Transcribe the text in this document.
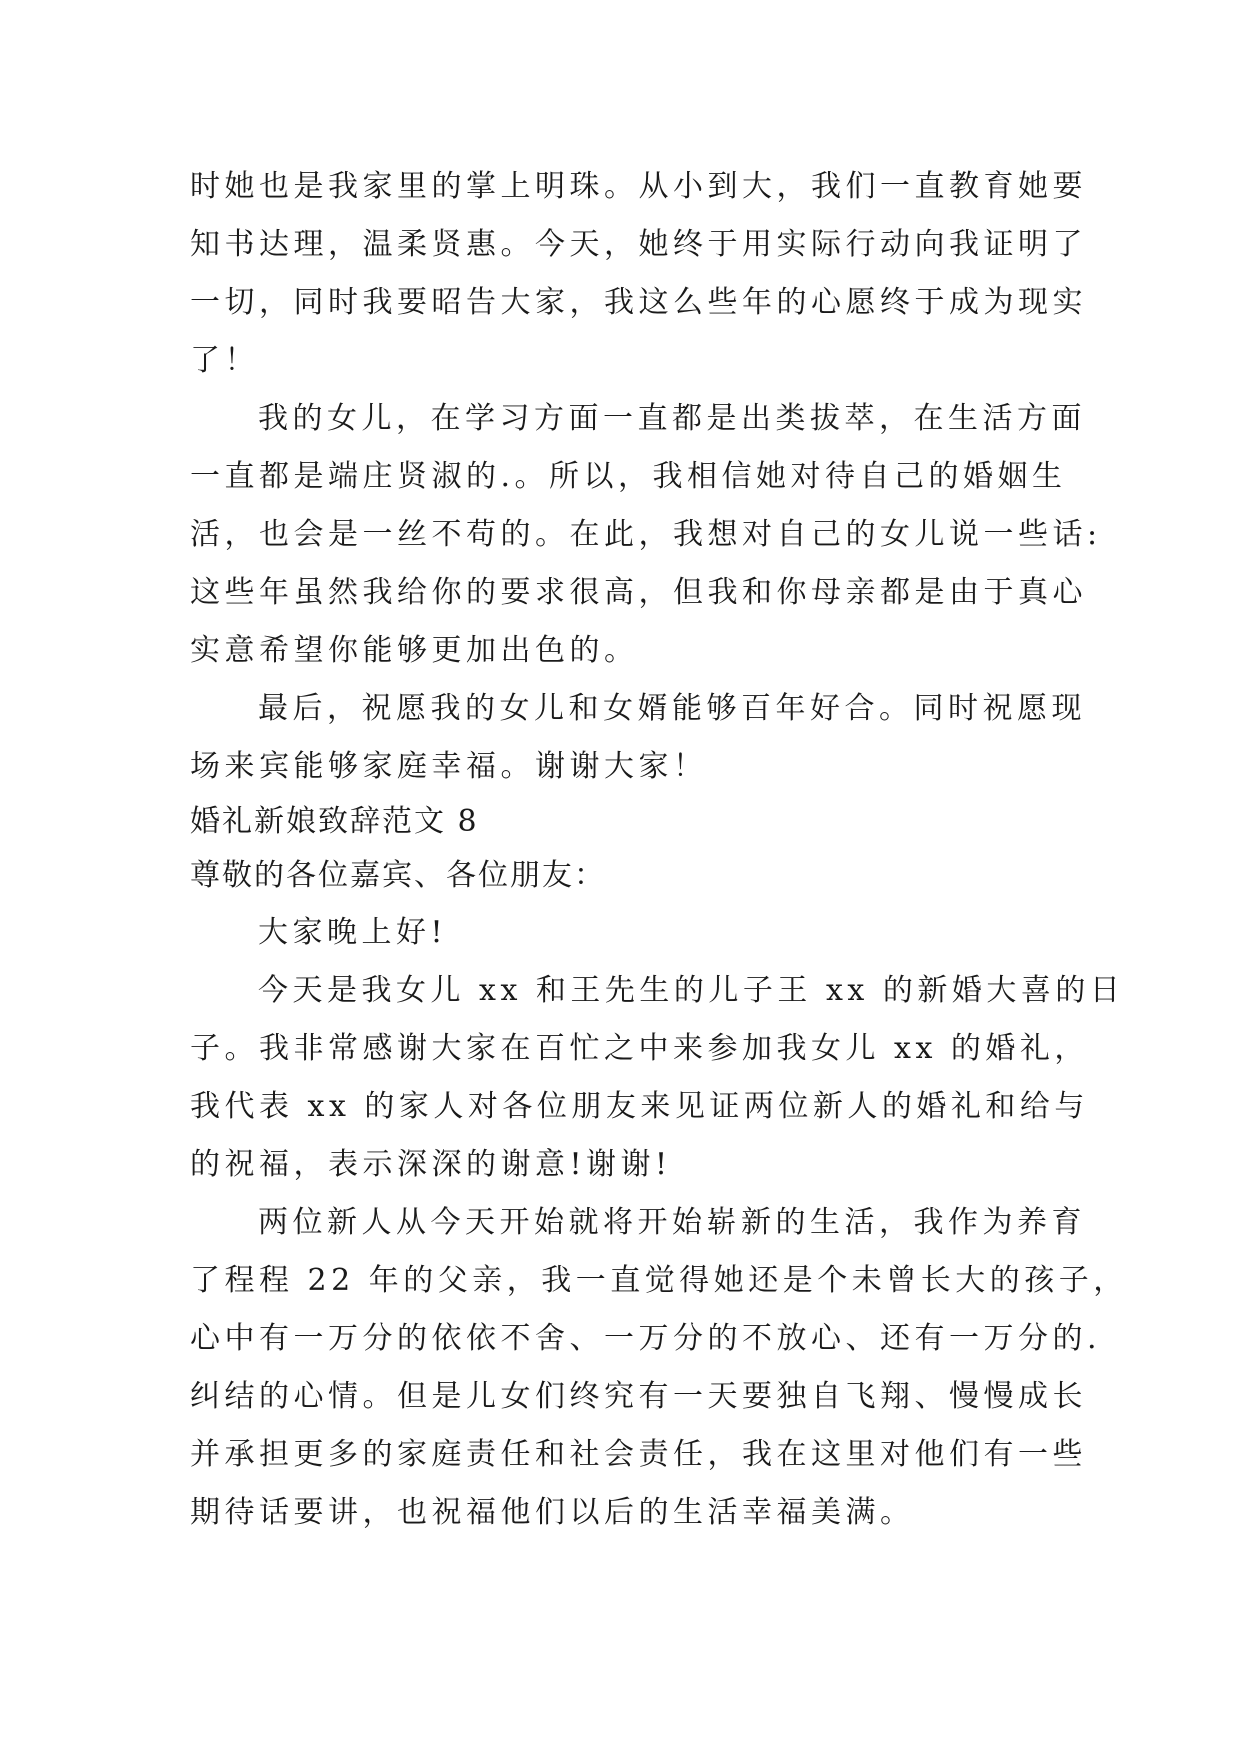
时她也是我家里的掌上明珠。从小到大，我们一直教育她要
知书达理，温柔贤惠。今天，她终于用实际行动向我证明了
一切，同时我要昭告大家，我这么些年的心愿终于成为现实
了！
我的女儿，在学习方面一直都是出类拔萃，在生活方面
一直都是端庄贤淑的.。所以，我相信她对待自己的婚姻生
活，也会是一丝不苟的。在此，我想对自己的女儿说一些话:
这些年虽然我给你的要求很高，但我和你母亲都是由于真心
实意希望你能够更加出色的。
最后，祝愿我的女儿和女婿能够百年好合。同时祝愿现
场来宾能够家庭幸福。谢谢大家！
婚礼新娘致辞范文 8
尊敬的各位嘉宾、各位朋友：
大家晚上好!
今天是我女儿 xx 和王先生的儿子王 xx 的新婚大喜的日
子。我非常感谢大家在百忙之中来参加我女儿 xx 的婚礼，
我代表 xx 的家人对各位朋友来见证两位新人的婚礼和给与
的祝福，表示深深的谢意!谢谢!
两位新人从今天开始就将开始崭新的生活，我作为养育
了程程 22 年的父亲，我一直觉得她还是个未曾长大的孩子，
心中有一万分的依依不舍、一万分的不放心、还有一万分的.
纠结的心情。但是儿女们终究有一天要独自飞翔、慢慢成长
并承担更多的家庭责任和社会责任，我在这里对他们有一些
期待话要讲，也祝福他们以后的生活幸福美满。
